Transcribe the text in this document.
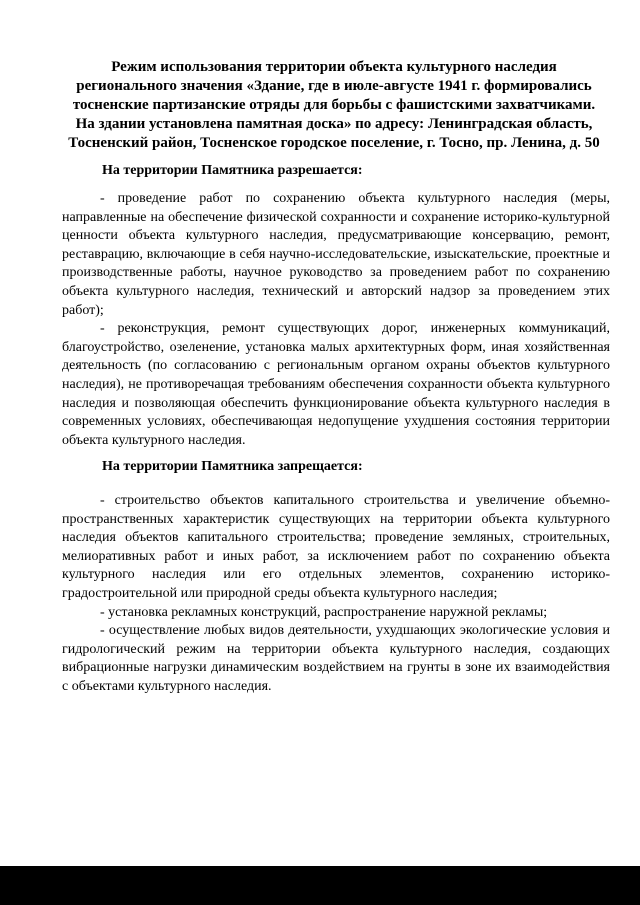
Режим использования территории объекта культурного наследия
регионального значения «Здание, где в июле-августе 1941 г. формировались
тосненские партизанские отряды для борьбы с фашистскими захватчиками.
На здании установлена памятная доска» по адресу: Ленинградская область,
Тосненский район, Тосненское городское поселение, г. Тосно, пр. Ленина, д. 50
На территории Памятника разрешается:

- проведение работ по сохранению объекта культурного наследия (меры, направленные на обеспечение физической сохранности и сохранение историко-культурной ценности объекта культурного наследия, предусматривающие консервацию, ремонт, реставрацию, включающие в себя научно-исследовательские, изыскательские, проектные и производственные работы, научное руководство за проведением работ по сохранению объекта культурного наследия, технический и авторский надзор за проведением этих работ);

- реконструкция, ремонт существующих дорог, инженерных коммуникаций, благоустройство, озеленение, установка малых архитектурных форм, иная хозяйственная деятельность (по согласованию с региональным органом охраны объектов культурного наследия), не противоречащая требованиям обеспечения сохранности объекта культурного наследия и позволяющая обеспечить функционирование объекта культурного наследия в современных условиях, обеспечивающая недопущение ухудшения состояния территории объекта культурного наследия.

На территории Памятника запрещается:

- строительство объектов капитального строительства и увеличение объемно-пространственных характеристик существующих на территории объекта культурного наследия объектов капитального строительства; проведение земляных, строительных, мелиоративных работ и иных работ, за исключением работ по сохранению объекта культурного наследия или его отдельных элементов, сохранению историко-градостроительной или природной среды объекта культурного наследия;

- установка рекламных конструкций, распространение наружной рекламы;

- осуществление любых видов деятельности, ухудшающих экологические условия и гидрологический режим на территории объекта культурного наследия, создающих вибрационные нагрузки динамическим воздействием на грунты в зоне их взаимодействия с объектами культурного наследия.
